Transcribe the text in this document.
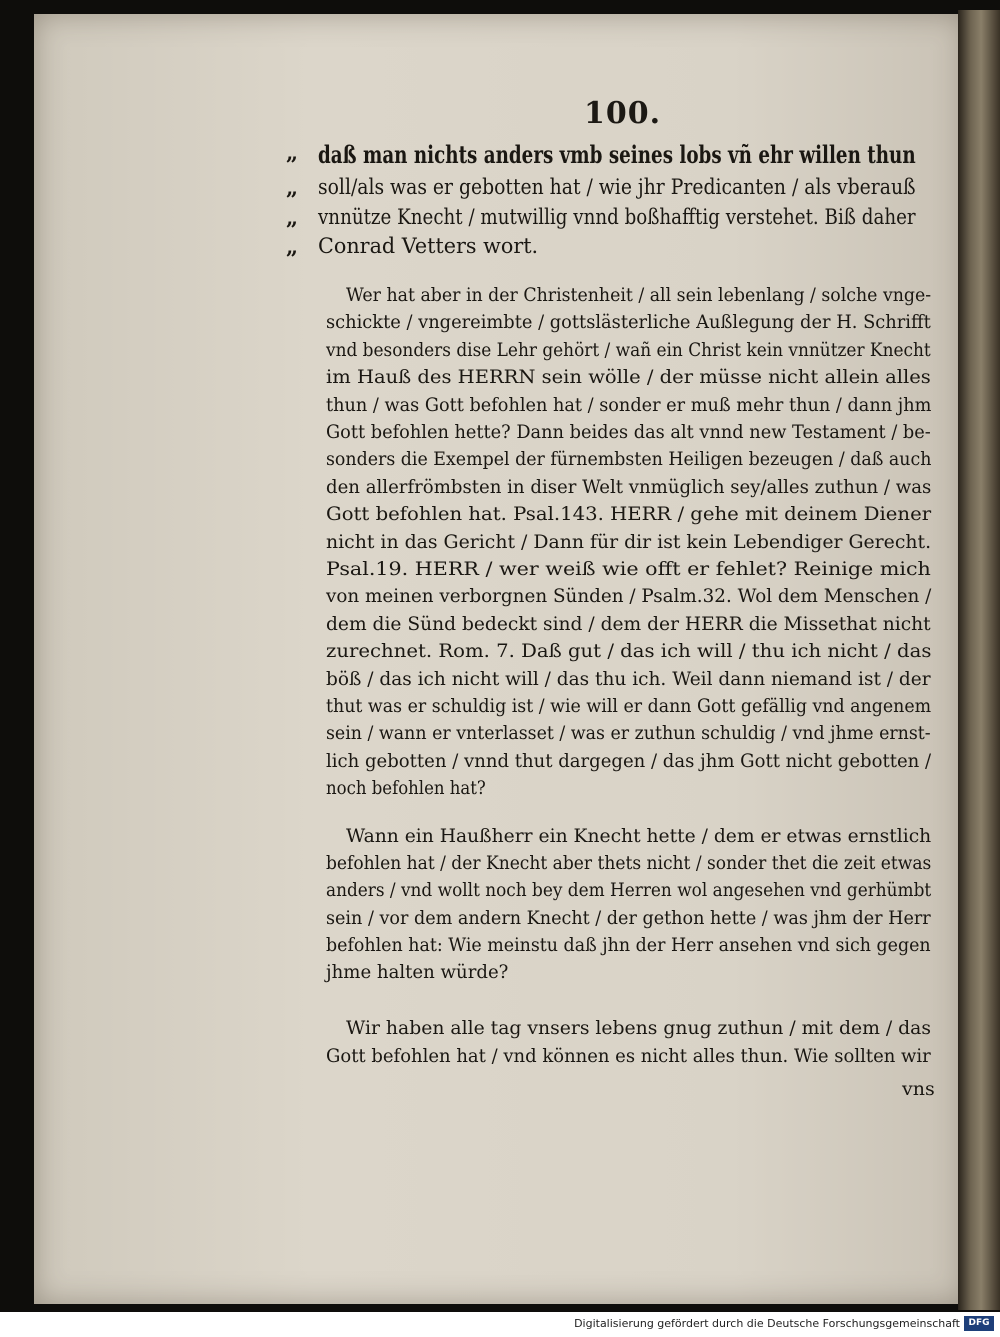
100.
„ daß man nichts anders vmb seines lobs vñ ehr willen thun
„ soll/als was er gebotten hat / wie jhr Predicanten / als vberauß
„ vnnütze Knecht / mutwillig vnnd boßhafftig verstehet. Biß daher
„ Conrad Vetters wort.
Wer hat aber in der Christenheit / all sein lebenlang / solche vnge-
schickte / vngereimbte / gottslästerliche Außlegung der H. Schrifft
vnd besonders dise Lehr gehört / wañ ein Christ kein vnnützer Knecht
im Hauß des HERRN sein wölle / der müsse nicht allein alles
thun / was Gott befohlen hat / sonder er muß mehr thun / dann jhm
Gott befohlen hette? Dann beides das alt vnnd new Testament / be-
sonders die Exempel der fürnembsten Heiligen bezeugen / daß auch
den allerfrömbsten in diser Welt vnmüglich sey/alles zuthun / was
Gott befohlen hat. Psal.143. HERR / gehe mit deinem Diener
nicht in das Gericht / Dann für dir ist kein Lebendiger Gerecht.
Psal.19. HERR / wer weiß wie offt er fehlet? Reinige mich
von meinen verborgnen Sünden / Psalm.32. Wol dem Menschen /
dem die Sünd bedeckt sind / dem der HERR die Missethat nicht
zurechnet. Rom. 7. Daß gut / das ich will / thu ich nicht / das
böß / das ich nicht will / das thu ich. Weil dann niemand ist / der
thut was er schuldig ist / wie will er dann Gott gefällig vnd angenem
sein / wann er vnterlasset / was er zuthun schuldig / vnd jhme ernst-
lich gebotten / vnnd thut dargegen / das jhm Gott nicht gebotten /
noch befohlen hat?
Wann ein Haußherr ein Knecht hette / dem er etwas ernstlich
befohlen hat / der Knecht aber thets nicht / sonder thet die zeit etwas
anders / vnd wollt noch bey dem Herren wol angesehen vnd gerhümbt
sein / vor dem andern Knecht / der gethon hette / was jhm der Herr
befohlen hat: Wie meinstu daß jhn der Herr ansehen vnd sich gegen
jhme halten würde?
Wir haben alle tag vnsers lebens gnug zuthun / mit dem / das
Gott befohlen hat / vnd können es nicht alles thun. Wie sollten wir
vns
Digitalisierung gefördert durch die Deutsche Forschungsgemeinschaft DFG
